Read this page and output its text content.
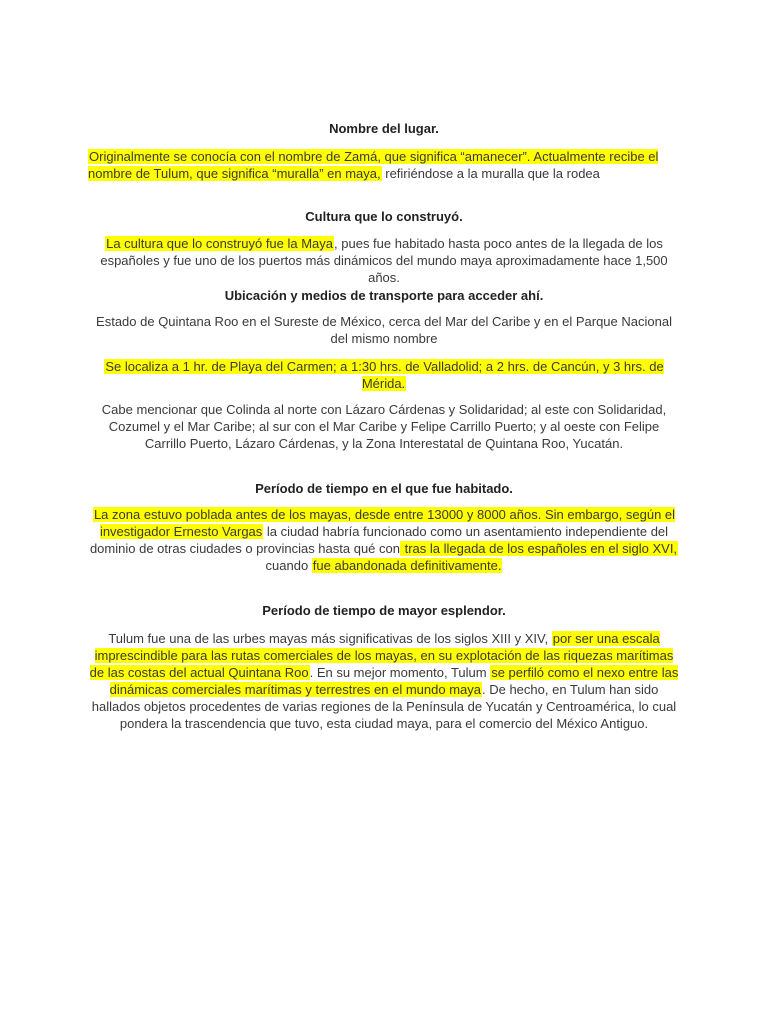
Nombre del lugar.
Originalmente se conocía con el nombre de Zamá, que significa “amanecer”. Actualmente recibe el nombre de Tulum, que significa “muralla” en maya, refiriéndose a la muralla que la rodea
Cultura que lo construyó.
La cultura que lo construyó fue la Maya, pues fue habitado hasta poco antes de la llegada de los españoles y fue uno de los puertos más dinámicos del mundo maya aproximadamente hace 1,500 años.
Ubicación y medios de transporte para acceder ahí.
Estado de Quintana Roo en el Sureste de México, cerca del Mar del Caribe y en el Parque Nacional del mismo nombre
Se localiza a 1 hr. de Playa del Carmen; a 1:30 hrs. de Valladolid; a 2 hrs. de Cancún, y 3 hrs. de Mérida.
Cabe mencionar que Colinda al norte con Lázaro Cárdenas y Solidaridad; al este con Solidaridad, Cozumel y el Mar Caribe; al sur con el Mar Caribe y Felipe Carrillo Puerto; y al oeste con Felipe Carrillo Puerto, Lázaro Cárdenas, y la Zona Interestatal de Quintana Roo, Yucatán.
Período de tiempo en el que fue habitado.
La zona estuvo poblada antes de los mayas, desde entre 13000 y 8000 años. Sin embargo, según el investigador Ernesto Vargas la ciudad habría funcionado como un asentamiento independiente del dominio de otras ciudades o provincias hasta qué con tras la llegada de los españoles en el siglo XVI, cuando fue abandonada definitivamente.
Período de tiempo de mayor esplendor.
Tulum fue una de las urbes mayas más significativas de los siglos XIII y XIV, por ser una escala imprescindible para las rutas comerciales de los mayas, en su explotación de las riquezas marítimas de las costas del actual Quintana Roo. En su mejor momento, Tulum se perfiló como el nexo entre las dinámicas comerciales marítimas y terrestres en el mundo maya. De hecho, en Tulum han sido hallados objetos procedentes de varias regiones de la Península de Yucatán y Centroamérica, lo cual pondera la trascendencia que tuvo, esta ciudad maya, para el comercio del México Antiguo.
